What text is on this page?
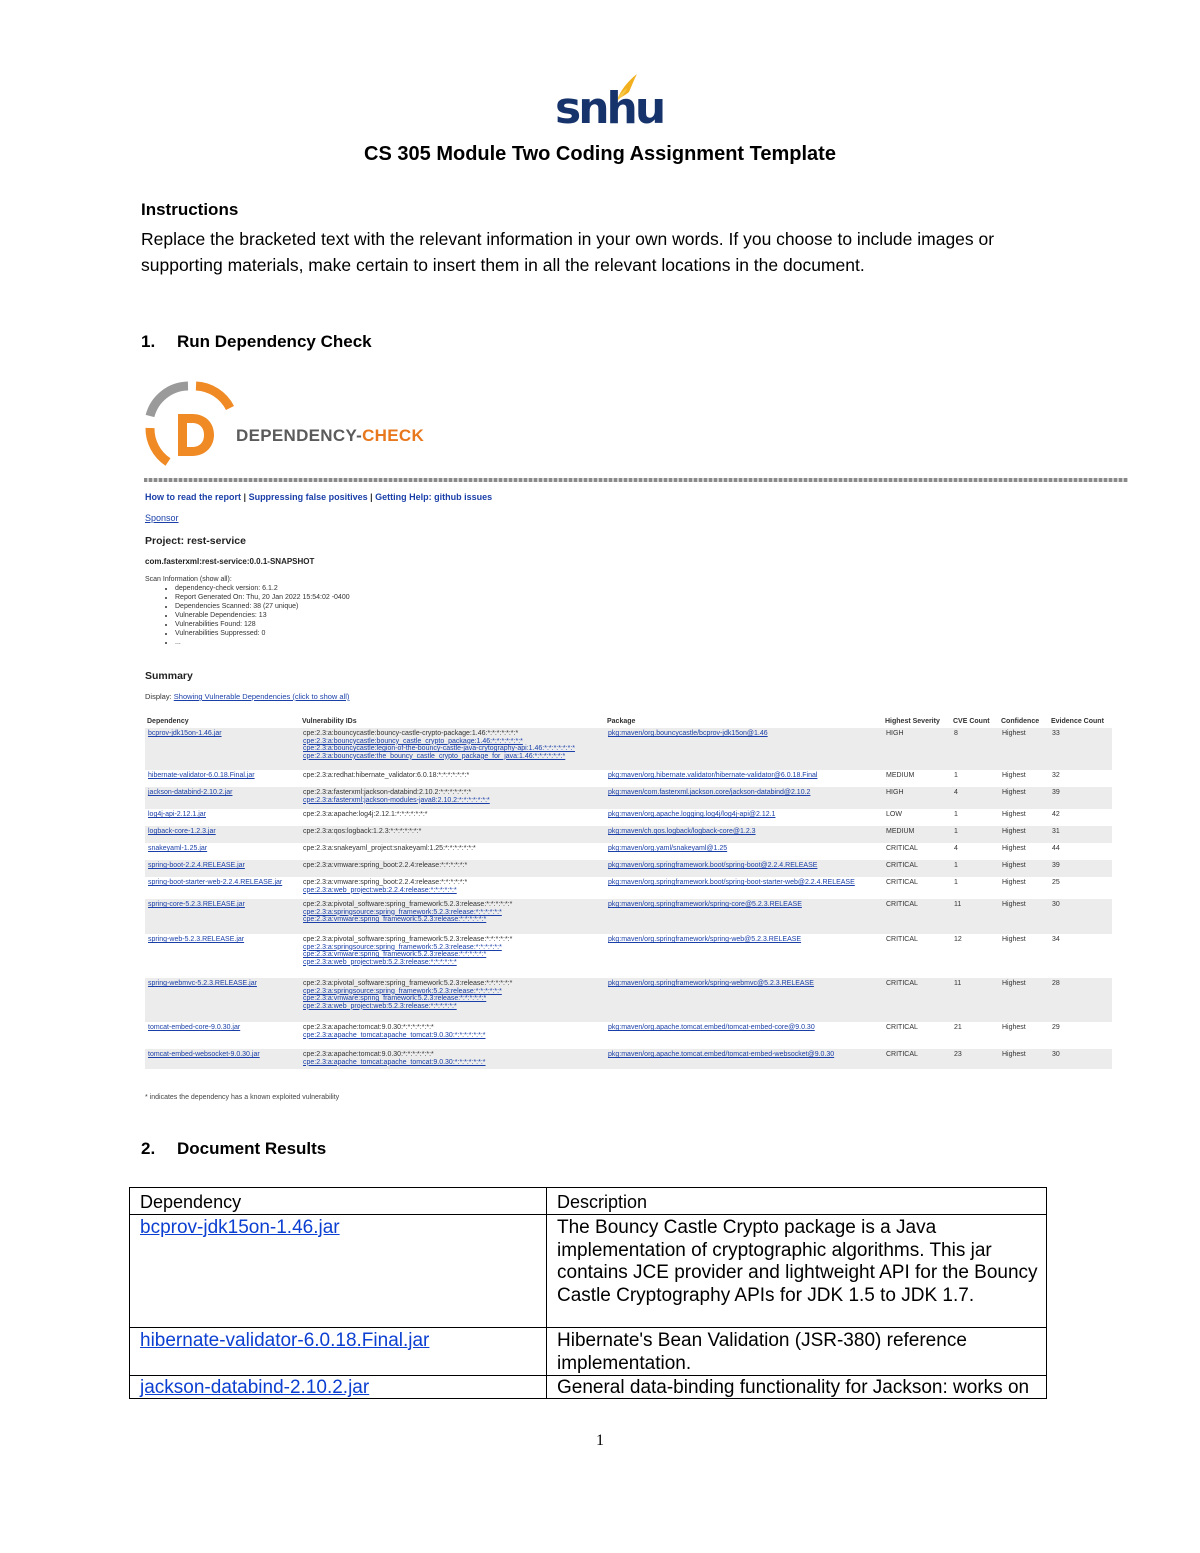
snhu
CS 305 Module Two Coding Assignment Template
Instructions
Replace the bracketed text with the relevant information in your own words. If you choose to include images or supporting materials, make certain to insert them in all the relevant locations in the document.
1. Run Dependency Check
DEPENDENCY-CHECK
How to read the report | Suppressing false positives | Getting Help: github issues
Sponsor
Project: rest-service
com.fasterxml:rest-service:0.0.1-SNAPSHOT
Scan Information (show all):
• dependency-check version: 6.1.2
• Report Generated On: Thu, 20 Jan 2022 15:54:02 -0400
• Dependencies Scanned: 38 (27 unique)
• Vulnerable Dependencies: 13
• Vulnerabilities Found: 128
• Vulnerabilities Suppressed: 0
• ...
Summary
Display: Showing Vulnerable Dependencies (click to show all)
Dependency	Vulnerability IDs	Package	Highest Severity	CVE Count	Confidence	Evidence Count
bcprov-jdk15on-1.46.jar	cpe:2.3:a:bouncycastle:bouncy-castle-crypto-package:1.46:*:*:*:*:*:*:*
cpe:2.3:a:bouncycastle:bouncy_castle_crypto_package:1.46:*:*:*:*:*:*:*
cpe:2.3:a:bouncycastle:legion-of-the-bouncy-castle-java-crytography-api:1.46:*:*:*:*:*:*:*
cpe:2.3:a:bouncycastle:the_bouncy_castle_crypto_package_for_java:1.46:*:*:*:*:*:*:*	pkg:maven/org.bouncycastle/bcprov-jdk15on@1.46	HIGH	8	Highest	33
hibernate-validator-6.0.18.Final.jar	cpe:2.3:a:redhat:hibernate_validator:6.0.18:*:*:*:*:*:*:*	pkg:maven/org.hibernate.validator/hibernate-validator@6.0.18.Final	MEDIUM	1	Highest	32
jackson-databind-2.10.2.jar	cpe:2.3:a:fasterxml:jackson-databind:2.10.2:*:*:*:*:*:*:*
cpe:2.3:a:fasterxml:jackson-modules-java8:2.10.2:*:*:*:*:*:*:*	pkg:maven/com.fasterxml.jackson.core/jackson-databind@2.10.2	HIGH	4	Highest	39
log4j-api-2.12.1.jar	cpe:2.3:a:apache:log4j:2.12.1:*:*:*:*:*:*:*	pkg:maven/org.apache.logging.log4j/log4j-api@2.12.1	LOW	1	Highest	42
logback-core-1.2.3.jar	cpe:2.3:a:qos:logback:1.2.3:*:*:*:*:*:*:*	pkg:maven/ch.qos.logback/logback-core@1.2.3	MEDIUM	1	Highest	31
snakeyaml-1.25.jar	cpe:2.3:a:snakeyaml_project:snakeyaml:1.25:*:*:*:*:*:*:*	pkg:maven/org.yaml/snakeyaml@1.25	CRITICAL	4	Highest	44
spring-boot-2.2.4.RELEASE.jar	cpe:2.3:a:vmware:spring_boot:2.2.4:release:*:*:*:*:*:*	pkg:maven/org.springframework.boot/spring-boot@2.2.4.RELEASE	CRITICAL	1	Highest	39
spring-boot-starter-web-2.2.4.RELEASE.jar	cpe:2.3:a:vmware:spring_boot:2.2.4:release:*:*:*:*:*:*
cpe:2.3:a:web_project:web:2.2.4:release:*:*:*:*:*:*	pkg:maven/org.springframework.boot/spring-boot-starter-web@2.2.4.RELEASE	CRITICAL	1	Highest	25
spring-core-5.2.3.RELEASE.jar	cpe:2.3:a:pivotal_software:spring_framework:5.2.3:release:*:*:*:*:*:*
cpe:2.3:a:springsource:spring_framework:5.2.3:release:*:*:*:*:*:*
cpe:2.3:a:vmware:spring_framework:5.2.3:release:*:*:*:*:*:*	pkg:maven/org.springframework/spring-core@5.2.3.RELEASE	CRITICAL	11	Highest	30
spring-web-5.2.3.RELEASE.jar	cpe:2.3:a:pivotal_software:spring_framework:5.2.3:release:*:*:*:*:*:*
cpe:2.3:a:springsource:spring_framework:5.2.3:release:*:*:*:*:*:*
cpe:2.3:a:vmware:spring_framework:5.2.3:release:*:*:*:*:*:*
cpe:2.3:a:web_project:web:5.2.3:release:*:*:*:*:*:*	pkg:maven/org.springframework/spring-web@5.2.3.RELEASE	CRITICAL	12	Highest	34
spring-webmvc-5.2.3.RELEASE.jar	cpe:2.3:a:pivotal_software:spring_framework:5.2.3:release:*:*:*:*:*:*
cpe:2.3:a:springsource:spring_framework:5.2.3:release:*:*:*:*:*:*
cpe:2.3:a:vmware:spring_framework:5.2.3:release:*:*:*:*:*:*
cpe:2.3:a:web_project:web:5.2.3:release:*:*:*:*:*:*	pkg:maven/org.springframework/spring-webmvc@5.2.3.RELEASE	CRITICAL	11	Highest	28
tomcat-embed-core-9.0.30.jar	cpe:2.3:a:apache:tomcat:9.0.30:*:*:*:*:*:*:*
cpe:2.3:a:apache_tomcat:apache_tomcat:9.0.30:*:*:*:*:*:*:*	pkg:maven/org.apache.tomcat.embed/tomcat-embed-core@9.0.30	CRITICAL	21	Highest	29
tomcat-embed-websocket-9.0.30.jar	cpe:2.3:a:apache:tomcat:9.0.30:*:*:*:*:*:*:*
cpe:2.3:a:apache_tomcat:apache_tomcat:9.0.30:*:*:*:*:*:*:*	pkg:maven/org.apache.tomcat.embed/tomcat-embed-websocket@9.0.30	CRITICAL	23	Highest	30
* indicates the dependency has a known exploited vulnerability
2. Document Results
Dependency	Description
bcprov-jdk15on-1.46.jar	The Bouncy Castle Crypto package is a Java implementation of cryptographic algorithms. This jar contains JCE provider and lightweight API for the Bouncy Castle Cryptography APIs for JDK 1.5 to JDK 1.7.
hibernate-validator-6.0.18.Final.jar	Hibernate's Bean Validation (JSR-380) reference implementation.
jackson-databind-2.10.2.jar	General data-binding functionality for Jackson: works on
1
